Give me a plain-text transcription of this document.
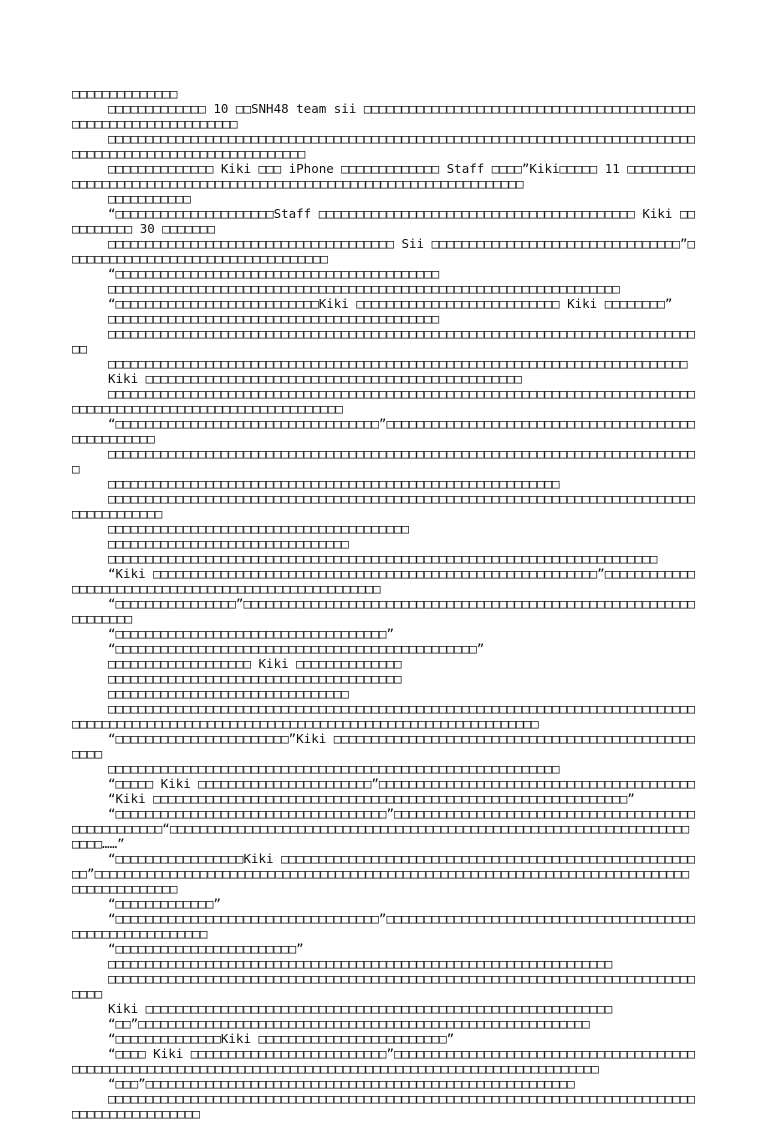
□□□□□□□□□□□□□□

□□□□□□□□□□□□□ 10 □□SNH48 team sii □□□□□□□□□□□□□□□□□□□□□□□□□□□□□□□□□□□□□□□□□□□□□□□□□□□□□□□□□□□□□□□□□□

□□□□□□□□□□□□□□□□□□□□□□□□□□□□□□□□□□□□□□□□□□□□□□□□□□□□□□□□□□□□□□□□□□□□□□□□□□□□□□□□□□□□□□□□□□□□□□□□□□□□□□□□□□□□□

□□□□□□□□□□□□□□ Kiki □□□ iPhone □□□□□□□□□□□□□ Staff □□□□”Kiki□□□□□ 11 □□□□□□□□□□□□□□□□□□□□□□□□□□□□□□□□□□□□□□□□□□□□□□□□□□□□□□□□□□□□□□□□□□□□□

□□□□□□□□□□□

“□□□□□□□□□□□□□□□□□□□□□Staff □□□□□□□□□□□□□□□□□□□□□□□□□□□□□□□□□□□□□□□□□□ Kiki □□□□□□□□□□ 30 □□□□□□□

□□□□□□□□□□□□□□□□□□□□□□□□□□□□□□□□□□□□□□ Sii □□□□□□□□□□□□□□□□□□□□□□□□□□□□□□□□□”□□□□□□□□□□□□□□□□□□□□□□□□□□□□□□□□□□□

“□□□□□□□□□□□□□□□□□□□□□□□□□□□□□□□□□□□□□□□□□□□

□□□□□□□□□□□□□□□□□□□□□□□□□□□□□□□□□□□□□□□□□□□□□□□□□□□□□□□□□□□□□□□□□□□□

“□□□□□□□□□□□□□□□□□□□□□□□□□□□Kiki □□□□□□□□□□□□□□□□□□□□□□□□□□□ Kiki □□□□□□□□”

□□□□□□□□□□□□□□□□□□□□□□□□□□□□□□□□□□□□□□□□□□□□

□□□□□□□□□□□□□□□□□□□□□□□□□□□□□□□□□□□□□□□□□□□□□□□□□□□□□□□□□□□□□□□□□□□□□□□□□□□□□□□□

□□□□□□□□□□□□□□□□□□□□□□□□□□□□□□□□□□□□□□□□□□□□□□□□□□□□□□□□□□□□□□□□□□□□□□□□□□□□□

Kiki □□□□□□□□□□□□□□□□□□□□□□□□□□□□□□□□□□□□□□□□□□□□□□□□□□

□□□□□□□□□□□□□□□□□□□□□□□□□□□□□□□□□□□□□□□□□□□□□□□□□□□□□□□□□□□□□□□□□□□□□□□□□□□□□□□□□□□□□□□□□□□□□□□□□□□□□□□□□□□□□□□□□□

“□□□□□□□□□□□□□□□□□□□□□□□□□□□□□□□□□□□”□□□□□□□□□□□□□□□□□□□□□□□□□□□□□□□□□□□□□□□□□□□□□□□□□□□□

□□□□□□□□□□□□□□□□□□□□□□□□□□□□□□□□□□□□□□□□□□□□□□□□□□□□□□□□□□□□□□□□□□□□□□□□□□□□□□□

□□□□□□□□□□□□□□□□□□□□□□□□□□□□□□□□□□□□□□□□□□□□□□□□□□□□□□□□□□□□

□□□□□□□□□□□□□□□□□□□□□□□□□□□□□□□□□□□□□□□□□□□□□□□□□□□□□□□□□□□□□□□□□□□□□□□□□□□□□□□□□□□□□□□□□□

□□□□□□□□□□□□□□□□□□□□□□□□□□□□□□□□□□□□□□□□

□□□□□□□□□□□□□□□□□□□□□□□□□□□□□□□□

□□□□□□□□□□□□□□□□□□□□□□□□□□□□□□□□□□□□□□□□□□□□□□□□□□□□□□□□□□□□□□□□□□□□□□□□□

“Kiki □□□□□□□□□□□□□□□□□□□□□□□□□□□□□□□□□□□□□□□□□□□□□□□□□□□□□□□□□□□”□□□□□□□□□□□□□□□□□□□□□□□□□□□□□□□□□□□□□□□□□□□□□□□□□□□□□

“□□□□□□□□□□□□□□□□”□□□□□□□□□□□□□□□□□□□□□□□□□□□□□□□□□□□□□□□□□□□□□□□□□□□□□□□□□□□□□□□□□□□□

“□□□□□□□□□□□□□□□□□□□□□□□□□□□□□□□□□□□□”

“□□□□□□□□□□□□□□□□□□□□□□□□□□□□□□□□□□□□□□□□□□□□□□□□”

□□□□□□□□□□□□□□□□□□□ Kiki □□□□□□□□□□□□□□

□□□□□□□□□□□□□□□□□□□□□□□□□□□□□□□□□□□□□□□

□□□□□□□□□□□□□□□□□□□□□□□□□□□□□□□□

□□□□□□□□□□□□□□□□□□□□□□□□□□□□□□□□□□□□□□□□□□□□□□□□□□□□□□□□□□□□□□□□□□□□□□□□□□□□□□□□□□□□□□□□□□□□□□□□□□□□□□□□□□□□□□□□□□□□□□□□□□□□□□□□□□□□□□□□□□□□

“□□□□□□□□□□□□□□□□□□□□□□□”Kiki □□□□□□□□□□□□□□□□□□□□□□□□□□□□□□□□□□□□□□□□□□□□□□□□□□□□

□□□□□□□□□□□□□□□□□□□□□□□□□□□□□□□□□□□□□□□□□□□□□□□□□□□□□□□□□□□□

“□□□□□ Kiki □□□□□□□□□□□□□□□□□□□□□□□”□□□□□□□□□□□□□□□□□□□□□□□□□□□□□□□□□□□□□□□□□□

“Kiki □□□□□□□□□□□□□□□□□□□□□□□□□□□□□□□□□□□□□□□□□□□□□□□□□□□□□□□□□□□□□□□”

“□□□□□□□□□□□□□□□□□□□□□□□□□□□□□□□□□□□□”□□□□□□□□□□□□□□□□□□□□□□□□□□□□□□□□□□□□□□□□□□□□□□□□□□□□“□□□□□□□□□□□□□□□□□□□□□□□□□□□□□□□□□□□□□□□□□□□□□□□□□□□□□□□□□□□□□□□□□□□□□□□□□……”

“□□□□□□□□□□□□□□□□□Kiki □□□□□□□□□□□□□□□□□□□□□□□□□□□□□□□□□□□□□□□□□□□□□□□□□□□□□□□□□”□□□□□□□□□□□□□□□□□□□□□□□□□□□□□□□□□□□□□□□□□□□□□□□□□□□□□□□□□□□□□□□□□□□□□□□□□□□□□□□□□□□□□□□□□□□□□

“□□□□□□□□□□□□□”

“□□□□□□□□□□□□□□□□□□□□□□□□□□□□□□□□□□□”□□□□□□□□□□□□□□□□□□□□□□□□□□□□□□□□□□□□□□□□□□□□□□□□□□□□□□□□□□□

“□□□□□□□□□□□□□□□□□□□□□□□□”

□□□□□□□□□□□□□□□□□□□□□□□□□□□□□□□□□□□□□□□□□□□□□□□□□□□□□□□□□□□□□□□□□□□

□□□□□□□□□□□□□□□□□□□□□□□□□□□□□□□□□□□□□□□□□□□□□□□□□□□□□□□□□□□□□□□□□□□□□□□□□□□□□□□□□□

Kiki □□□□□□□□□□□□□□□□□□□□□□□□□□□□□□□□□□□□□□□□□□□□□□□□□□□□□□□□□□□□□□

“□□”□□□□□□□□□□□□□□□□□□□□□□□□□□□□□□□□□□□□□□□□□□□□□□□□□□□□□□□□□□□□

“□□□□□□□□□□□□□□Kiki □□□□□□□□□□□□□□□□□□□□□□□□□”

“□□□□ Kiki □□□□□□□□□□□□□□□□□□□□□□□□□□”□□□□□□□□□□□□□□□□□□□□□□□□□□□□□□□□□□□□□□□□□□□□□□□□□□□□□□□□□□□□□□□□□□□□□□□□□□□□□□□□□□□□□□□□□□□□□□□□□□□□□□□□□□□□□□

“□□□”□□□□□□□□□□□□□□□□□□□□□□□□□□□□□□□□□□□□□□□□□□□□□□□□□□□□□□□□□

□□□□□□□□□□□□□□□□□□□□□□□□□□□□□□□□□□□□□□□□□□□□□□□□□□□□□□□□□□□□□□□□□□□□□□□□□□□□□□□□□□□□□□□□□□□□□□□
